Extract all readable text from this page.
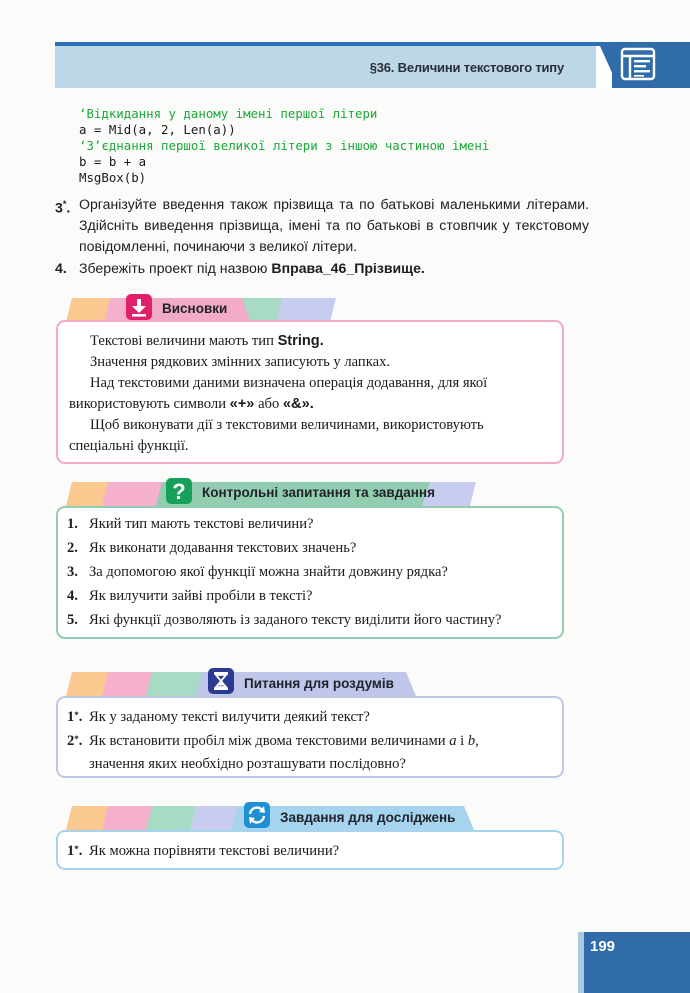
§36. Величини текстового типу
‘Відкидання у даному імені першої літери
a = Mid(a, 2, Len(a))
‘З’єднання першої великої літери з іншою частиною імені
b = b + a
MsgBox(b)
3*. Організуйте введення також прізвища та по батькові маленькими літерами. Здійсніть виведення прізвища, імені та по батькові в стовпчик у текстовому повідомленні, починаючи з великої літери.
4. Збережіть проект під назвою Вправа_46_Прізвище.
Висновки
Текстові величини мають тип String.
Значення рядкових змінних записують у лапках.
Над текстовими даними визначена операція додавання, для якої
використовують символи «+» або «&».
Щоб виконувати дії з текстовими величинами, використовують
спеціальні функції.
? Контрольні запитання та завдання
1. Який тип мають текстові величини?
2. Як виконати додавання текстових значень?
3. За допомогою якої функції можна знайти довжину рядка?
4. Як вилучити зайві пробіли в тексті?
5. Які функції дозволяють із заданого тексту виділити його частину?
Питання для роздумів
1*. Як у заданому тексті вилучити деякий текст?
2*. Як встановити пробіл між двома текстовими величинами a і b,
значення яких необхідно розташувати послідовно?
Завдання для досліджень
1*. Як можна порівняти текстові величини?
199
